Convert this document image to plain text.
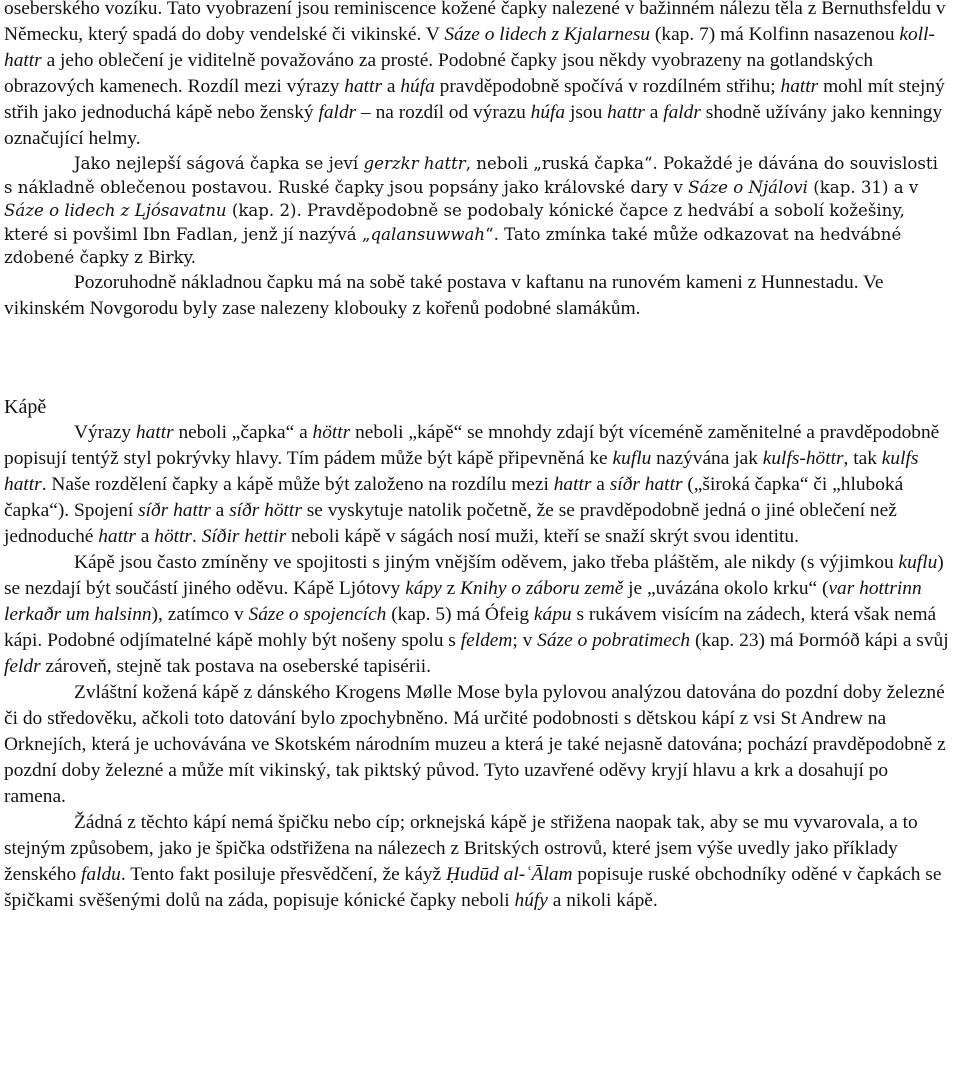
oseberského vozíku. Tato vyobrazení jsou reminiscence kožené čapky nalezené v bažinném nálezu těla z Bernuthsfeldu v Německu, který spadá do doby vendelské či vikinské. V Sáze o lidech z Kjalarnesu (kap. 7) má Kolfinn nasazenou koll-hattr a jeho oblečení je viditelně považováno za prosté. Podobné čapky jsou někdy vyobrazeny na gotlandských obrazových kamenech. Rozdíl mezi výrazy hattr a húfa pravděpodobně spočívá v rozdílném střihu; hattr mohl mít stejný střih jako jednoduchá kápě nebo ženský faldr – na rozdíl od výrazu húfa jsou hattr a faldr shodně užívány jako kenningy označující helmy.

Jako nejlepší ságová čapka se jeví gerzkr hattr, neboli „ruská čapka“. Pokaždé je dávána do souvislosti s nákladně oblečenou postavou. Ruské čapky jsou popsány jako královské dary v Sáze o Njálovi (kap. 31) a v Sáze o lidech z Ljósavatnu (kap. 2). Pravděpodobně se podobaly kónické čapce z hedvábí a sobolí kožešiny, které si povšiml Ibn Fadlan, jenž jí nazývá „qalansuwwah“. Tato zmínka také může odkazovat na hedvábné zdobené čapky z Birky.

Pozoruhodně nákladnou čapku má na sobě také postava v kaftanu na runovém kameni z Hunnestadu. Ve vikinském Novgorodu byly zase nalezeny klobouky z kořenů podobné slamákům.

Kápě

Výrazy hattr neboli „čapka“ a höttr neboli „kápě“ se mnohdy zdají být víceméně zaměnitelné a pravděpodobně popisují tentýž styl pokrývky hlavy. Tím pádem může být kápě připevněná ke kuflu nazývána jak kulfs-höttr, tak kulfs hattr. Naše rozdělení čapky a kápě může být založeno na rozdílu mezi hattr a síðr hattr („široká čapka“ či „hluboká čapka“). Spojení síðr hattr a síðr höttr se vyskytuje natolik početně, že se pravděpodobně jedná o jiné oblečení než jednoduché hattr a höttr. Síðir hettir neboli kápě v ságách nosí muži, kteří se snaží skrýt svou identitu.

Kápě jsou často zmíněny ve spojitosti s jiným vnějším oděvem, jako třeba pláštěm, ale nikdy (s výjimkou kuflu) se nezdají být součástí jiného oděvu. Kápě Ljótovy kápy z Knihy o záboru země je „uvázána okolo krku“ (var hottrinn lerkaðr um halsinn), zatímco v Sáze o spojencích (kap. 5) má Ófeig kápu s rukávem visícím na zádech, která však nemá kápi. Podobné odjímatelné kápě mohly být nošeny spolu s feldem; v Sáze o pobratimech (kap. 23) má Þormóð kápi a svůj feldr zároveň, stejně tak postava na oseberské tapisérii.

Zvláštní kožená kápě z dánského Krogens Mølle Mose byla pylovou analýzou datována do pozdní doby železné či do středověku, ačkoli toto datování bylo zpochybněno. Má určité podobnosti s dětskou kápí z vsi St Andrew na Orknejích, která je uchovávána ve Skotském národním muzeu a která je také nejasně datována; pochází pravděpodobně z pozdní doby železné a může mít vikinský, tak piktský původ. Tyto uzavřené oděvy kryjí hlavu a krk a dosahují po ramena.

Žádná z těchto kápí nemá špičku nebo cíp; orknejská kápě je střižena naopak tak, aby se mu vyvarovala, a to stejným způsobem, jako je špička odstřižena na nálezech z Britských ostrovů, které jsem výše uvedly jako příklady ženského faldu. Tento fakt posiluje přesvědčení, že káyž Ḥudūd al-ʿĀlam popisuje ruské obchodníky oděné v čapkách se špičkami svěšenými dolů na záda, popisuje kónické čapky neboli húfy a nikoli kápě.
